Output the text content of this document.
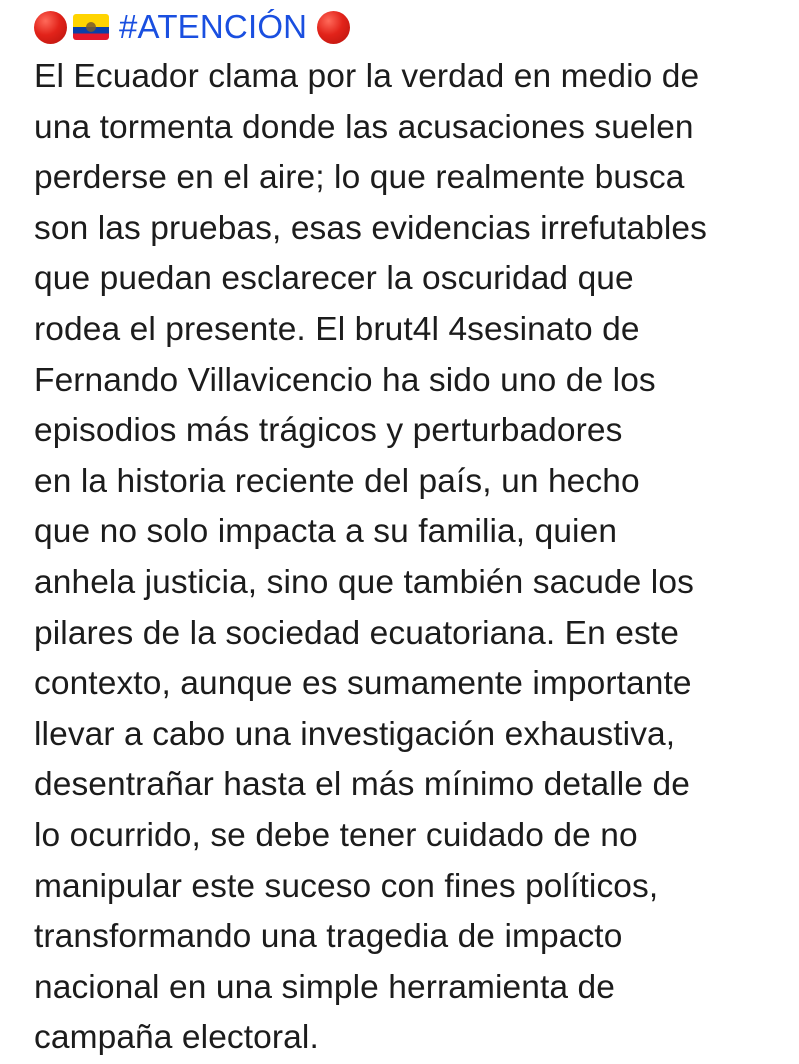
#ATENCIÓN

El Ecuador clama por la verdad en medio de
una tormenta donde las acusaciones suelen
perderse en el aire; lo que realmente busca
son las pruebas, esas evidencias irrefutables
que puedan esclarecer la oscuridad que
rodea el presente. El brut4l 4sesinato de
Fernando Villavicencio ha sido uno de los
episodios más trágicos y perturbadores
en la historia reciente del país, un hecho
que no solo impacta a su familia, quien
anhela justicia, sino que también sacude los
pilares de la sociedad ecuatoriana. En este
contexto, aunque es sumamente importante
llevar a cabo una investigación exhaustiva,
desentrañar hasta el más mínimo detalle de
lo ocurrido, se debe tener cuidado de no
manipular este suceso con fines políticos,
transformando una tragedia de impacto
nacional en una simple herramienta de
campaña electoral.
